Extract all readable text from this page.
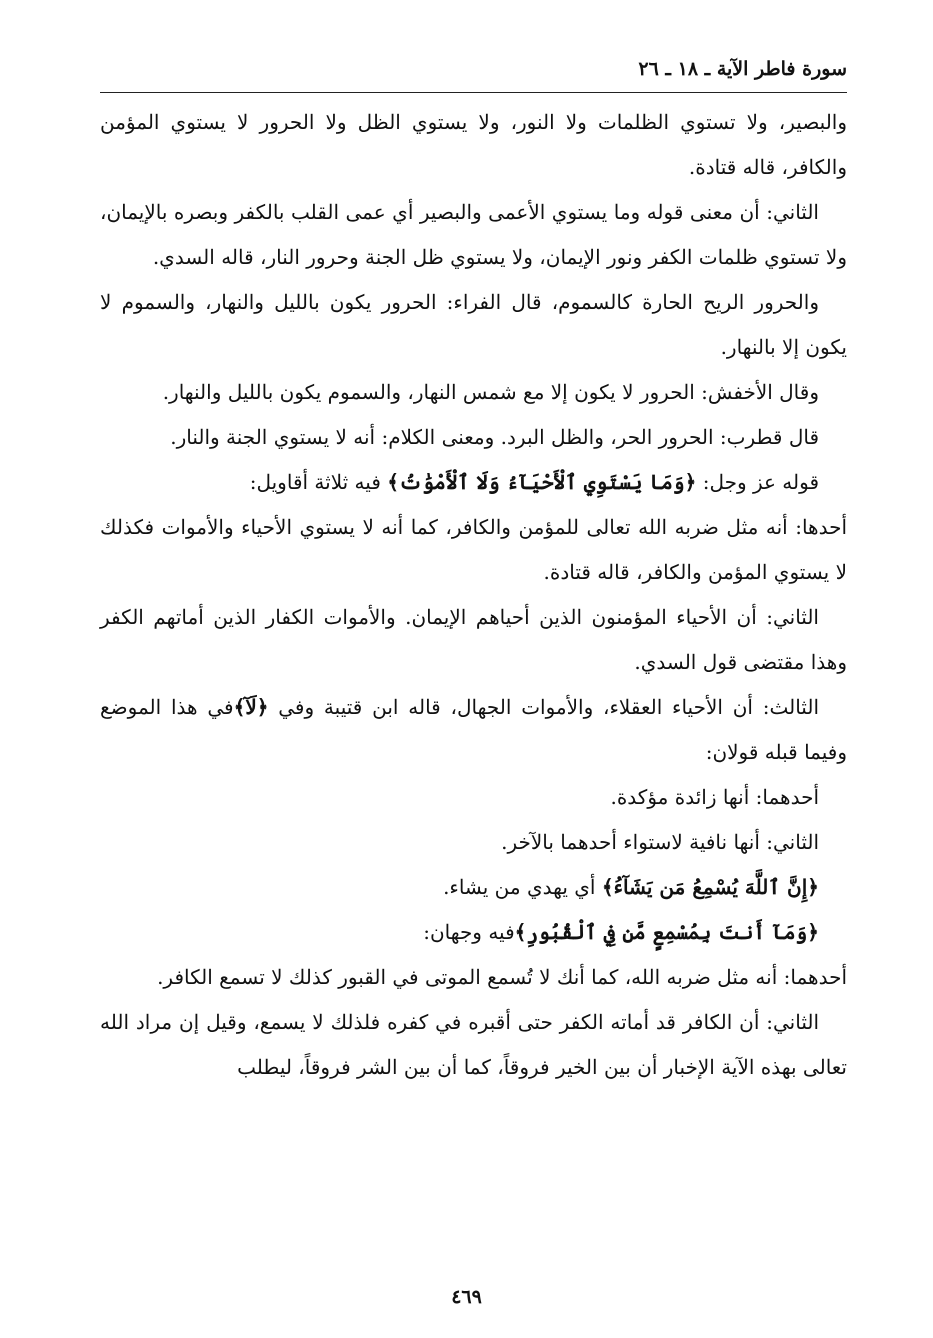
سورة فاطر الآية ـ ١٨ ـ ٢٦

والبصير، ولا تستوي الظلمات ولا النور، ولا يستوي الظل ولا الحرور لا يستوي المؤمن والكافر، قاله قتادة.

الثاني: أن معنى قوله وما يستوي الأعمى والبصير أي عمى القلب بالكفر وبصره بالإيمان، ولا تستوي ظلمات الكفر ونور الإيمان، ولا يستوي ظل الجنة وحرور النار، قاله السدي.

والحرور الريح الحارة كالسموم، قال الفراء: الحرور يكون بالليل والنهار، والسموم لا يكون إلا بالنهار.

وقال الأخفش: الحرور لا يكون إلا مع شمس النهار، والسموم يكون بالليل والنهار.

قال قطرب: الحرور الحر، والظل البرد. ومعنى الكلام: أنه لا يستوي الجنة والنار.

قوله عز وجل: ﴿وَمَا يَسْتَوِي ٱلْأَحْيَآءُ وَلَا ٱلْأَمْوَٰتُ﴾ فيه ثلاثة أقاويل:

أحدها: أنه مثل ضربه الله تعالى للمؤمن والكافر، كما أنه لا يستوي الأحياء والأموات فكذلك لا يستوي المؤمن والكافر، قاله قتادة.

الثاني: أن الأحياء المؤمنون الذين أحياهم الإيمان. والأموات الكفار الذين أماتهم الكفر وهذا مقتضى قول السدي.

الثالث: أن الأحياء العقلاء، والأموات الجهال، قاله ابن قتيبة وفي ﴿لَآ﴾في هذا الموضع وفيما قبله قولان:

أحدهما: أنها زائدة مؤكدة.

الثاني: أنها نافية لاستواء أحدهما بالآخر.

﴿إِنَّ ٱللَّهَ يُسْمِعُ مَن يَشَآءُ﴾ أي يهدي من يشاء.

﴿وَمَآ أَنتَ بِمُسْمِعٍ مَّن فِي ٱلْقُبُورِ﴾فيه وجهان:

أحدهما: أنه مثل ضربه الله، كما أنك لا تُسمع الموتى في القبور كذلك لا تسمع الكافر.

الثاني: أن الكافر قد أماته الكفر حتى أقبره في كفره فلذلك لا يسمع، وقيل إن مراد الله تعالى بهذه الآية الإخبار أن بين الخير فروقاً، كما أن بين الشر فروقاً، ليطلب

٤٦٩
